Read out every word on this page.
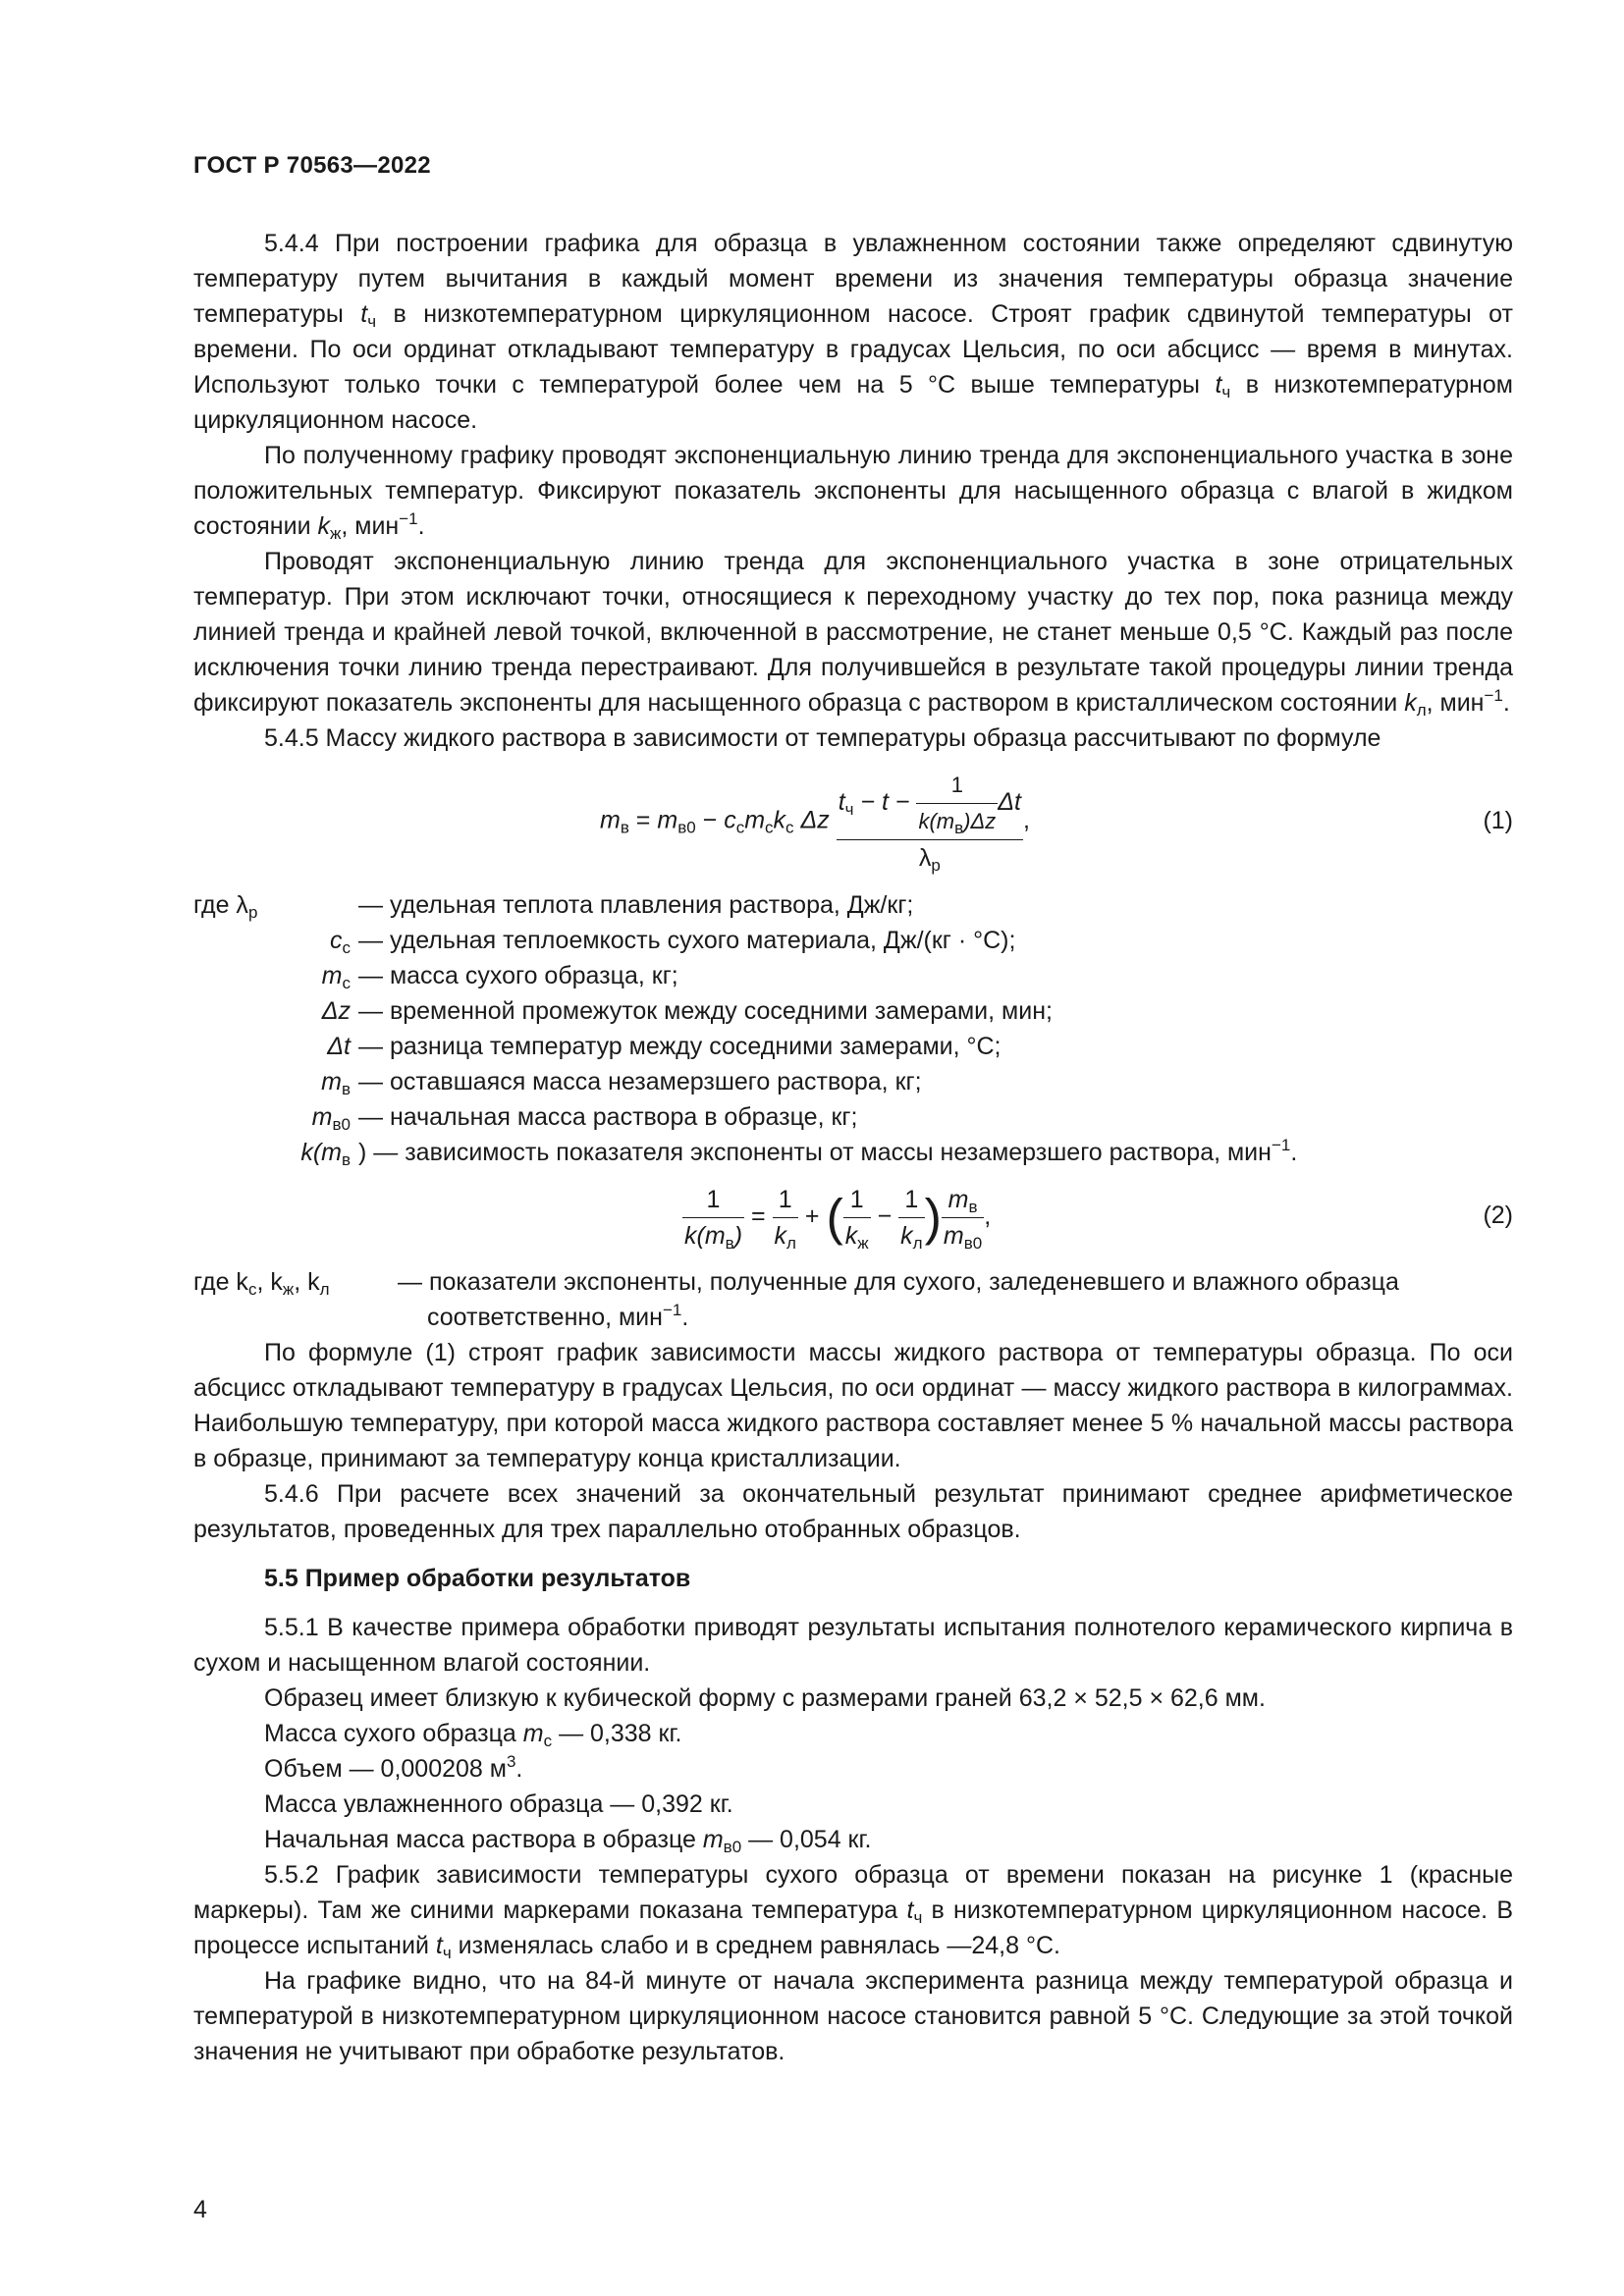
ГОСТ Р 70563—2022

5.4.4 При построении графика для образца в увлажненном состоянии также определяют сдвинутую температуру путем вычитания в каждый момент времени из значения температуры образца значение температуры $t_ч$ в низкотемпературном циркуляционном насосе. Строят график сдвинутой температуры от времени. По оси ординат откладывают температуру в градусах Цельсия, по оси абсцисс — время в минутах. Используют только точки с температурой более чем на 5 °С выше температуры $t_ч$ в низкотемпературном циркуляционном насосе.

По полученному графику проводят экспоненциальную линию тренда для экспоненциального участка в зоне положительных температур. Фиксируют показатель экспоненты для насыщенного образца с влагой в жидком состоянии $k_ж$, мин$^{-1}$.

Проводят экспоненциальную линию тренда для экспоненциального участка в зоне отрицательных температур. При этом исключают точки, относящиеся к переходному участку до тех пор, пока разница между линией тренда и крайней левой точкой, включенной в рассмотрение, не станет меньше 0,5 °С. Каждый раз после исключения точки линию тренда перестраивают. Для получившейся в результате такой процедуры линии тренда фиксируют показатель экспоненты для насыщенного образца с раствором в кристаллическом состоянии $k_л$, мин$^{-1}$.

5.4.5 Массу жидкого раствора в зависимости от температуры образца рассчитывают по формуле

$m_в = m_{в0} - c_сm_сk_с$ Δz
$t_ч - t - \frac{1}{k(m_в)\Delta z}$ Δt
$\lambda_р$
,	(1)
где $\lambda_р$	— удельная теплота плавления раствора, Дж/кг;
$c_с$ — удельная теплоемкость сухого материала, Дж/(кг · °С);
$m_с$ — масса сухого образца, кг;
Δz — временной промежуток между соседними замерами, мин;
Δt — разница температур между соседними замерами, °С;
$m_в$ — оставшаяся масса незамерзшего раствора, кг;
$m_{в0}$ — начальная масса раствора в образце, кг;
$k(m_в$ ) — зависимость показателя экспоненты от массы незамерзшего раствора, мин$^{-1}$.
$\frac{1}{k(m_в)} = \frac{1}{k_л}$ + ( $\frac{1}{k_ж} - \frac{1}{k_л}$ ) $\frac{m_в}{m_{в0}}$ ,	(2)
где $k_с$, $k_ж$, $k_л$	— показатели экспоненты, полученные для сухого, заледеневшего и влажного образца
соответственно, мин$^{-1}$.

По формуле (1) строят график зависимости массы жидкого раствора от температуры образца. По оси абсцисс откладывают температуру в градусах Цельсия, по оси ординат — массу жидкого раствора в килограммах. Наибольшую температуру, при которой масса жидкого раствора составляет менее 5 % начальной массы раствора в образце, принимают за температуру конца кристаллизации.

5.4.6 При расчете всех значений за окончательный результат принимают среднее арифметическое результатов, проведенных для трех параллельно отобранных образцов.

5.5 Пример обработки результатов

5.5.1 В качестве примера обработки приводят результаты испытания полнотелого керамического кирпича в сухом и насыщенном влагой состоянии.

Образец имеет близкую к кубической форму с размерами граней 63,2 × 52,5 × 62,6 мм.

Масса сухого образца $m_с$ — 0,338 кг.

Объем — 0,000208 $м^3$.

Масса увлажненного образца — 0,392 кг.

Начальная масса раствора в образце $m_{в0}$ — 0,054 кг.

5.5.2 График зависимости температуры сухого образца от времени показан на рисунке 1 (красные маркеры). Там же синими маркерами показана температура $t_ч$ в низкотемпературном циркуляционном насосе. В процессе испытаний $t_ч$ изменялась слабо и в среднем равнялась —24,8 °С.

На графике видно, что на 84-й минуте от начала эксперимента разница между температурой образца и температурой в низкотемпературном циркуляционном насосе становится равной 5 °С. Следующие за этой точкой значения не учитывают при обработке результатов.

4
